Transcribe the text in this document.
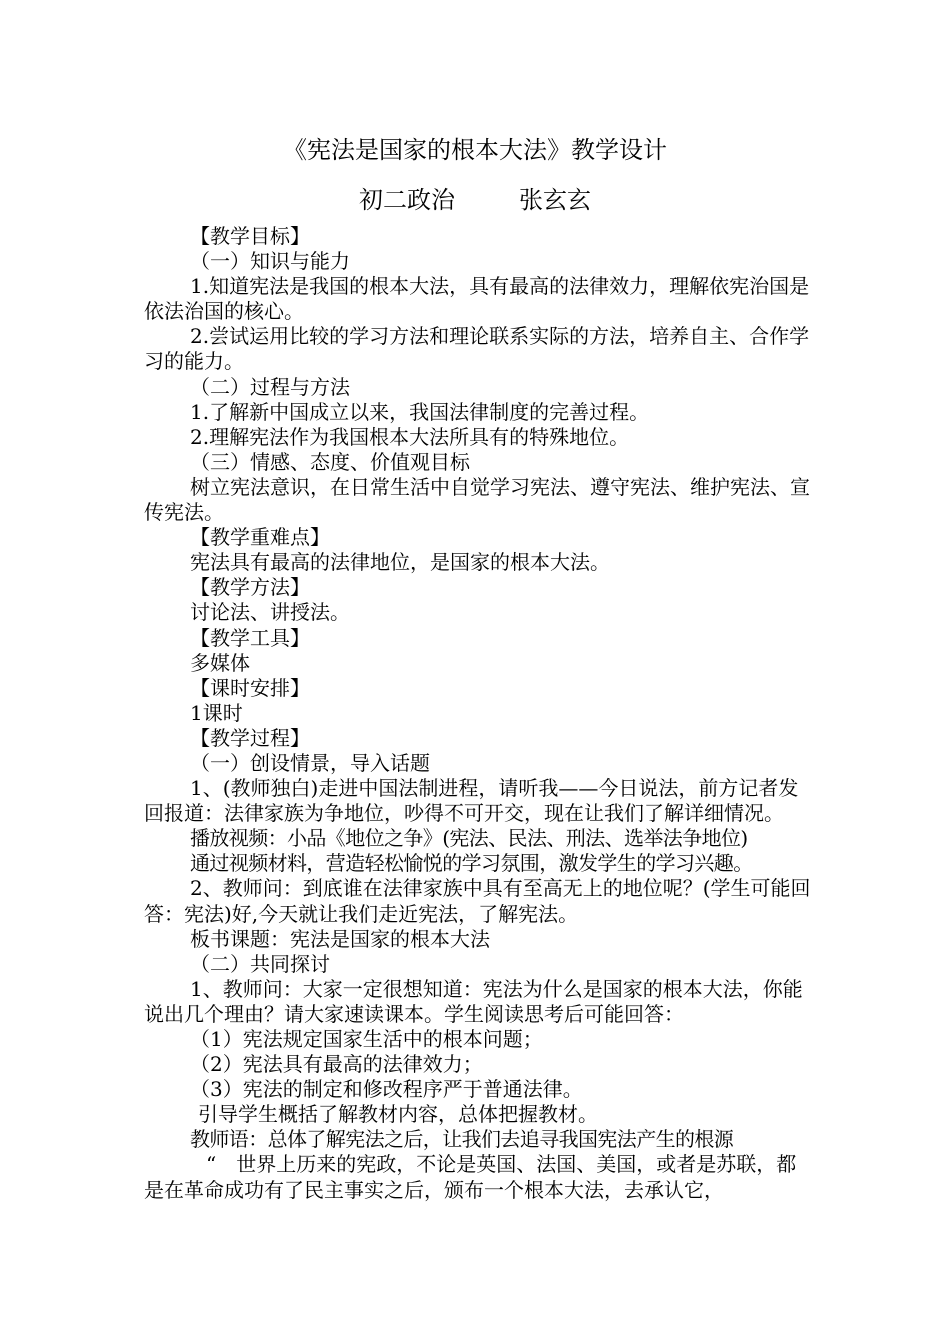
《宪法是国家的根本大法》教学设计
初二政治	张玄玄

【教学目标】

（一）知识与能力

1.知道宪法是我国的根本大法，具有最高的法律效力，理解依宪治国是依法治国的核心。

2.尝试运用比较的学习方法和理论联系实际的方法，培养自主、合作学习的能力。

（二）过程与方法

1.了解新中国成立以来，我国法律制度的完善过程。

2.理解宪法作为我国根本大法所具有的特殊地位。

（三）情感、态度、价值观目标

树立宪法意识，在日常生活中自觉学习宪法、遵守宪法、维护宪法、宣传宪法。

【教学重难点】

宪法具有最高的法律地位，是国家的根本大法。

【教学方法】

讨论法、讲授法。

【教学工具】

多媒体

【课时安排】

1课时

【教学过程】

（一）创设情景，导入话题

1、(教师独白)走进中国法制进程，请听我——今日说法，前方记者发回报道：法律家族为争地位，吵得不可开交，现在让我们了解详细情况。

播放视频：小品《地位之争》(宪法、民法、刑法、选举法争地位)

通过视频材料，营造轻松愉悦的学习氛围，激发学生的学习兴趣。

2、教师问：到底谁在法律家族中具有至高无上的地位呢？(学生可能回答：宪法)好,今天就让我们走近宪法，了解宪法。

板书课题：宪法是国家的根本大法

（二）共同探讨

1、教师问：大家一定很想知道：宪法为什么是国家的根本大法，你能说出几个理由？请大家速读课本。学生阅读思考后可能回答：

（1）宪法规定国家生活中的根本问题；

（2）宪法具有最高的法律效力；

（3）宪法的制定和修改程序严于普通法律。

引导学生概括了解教材内容，总体把握教材。

教师语：总体了解宪法之后，让我们去追寻我国宪法产生的根源

“　世界上历来的宪政，不论是英国、法国、美国，或者是苏联，都是在革命成功有了民主事实之后，颁布一个根本大法，去承认它，
